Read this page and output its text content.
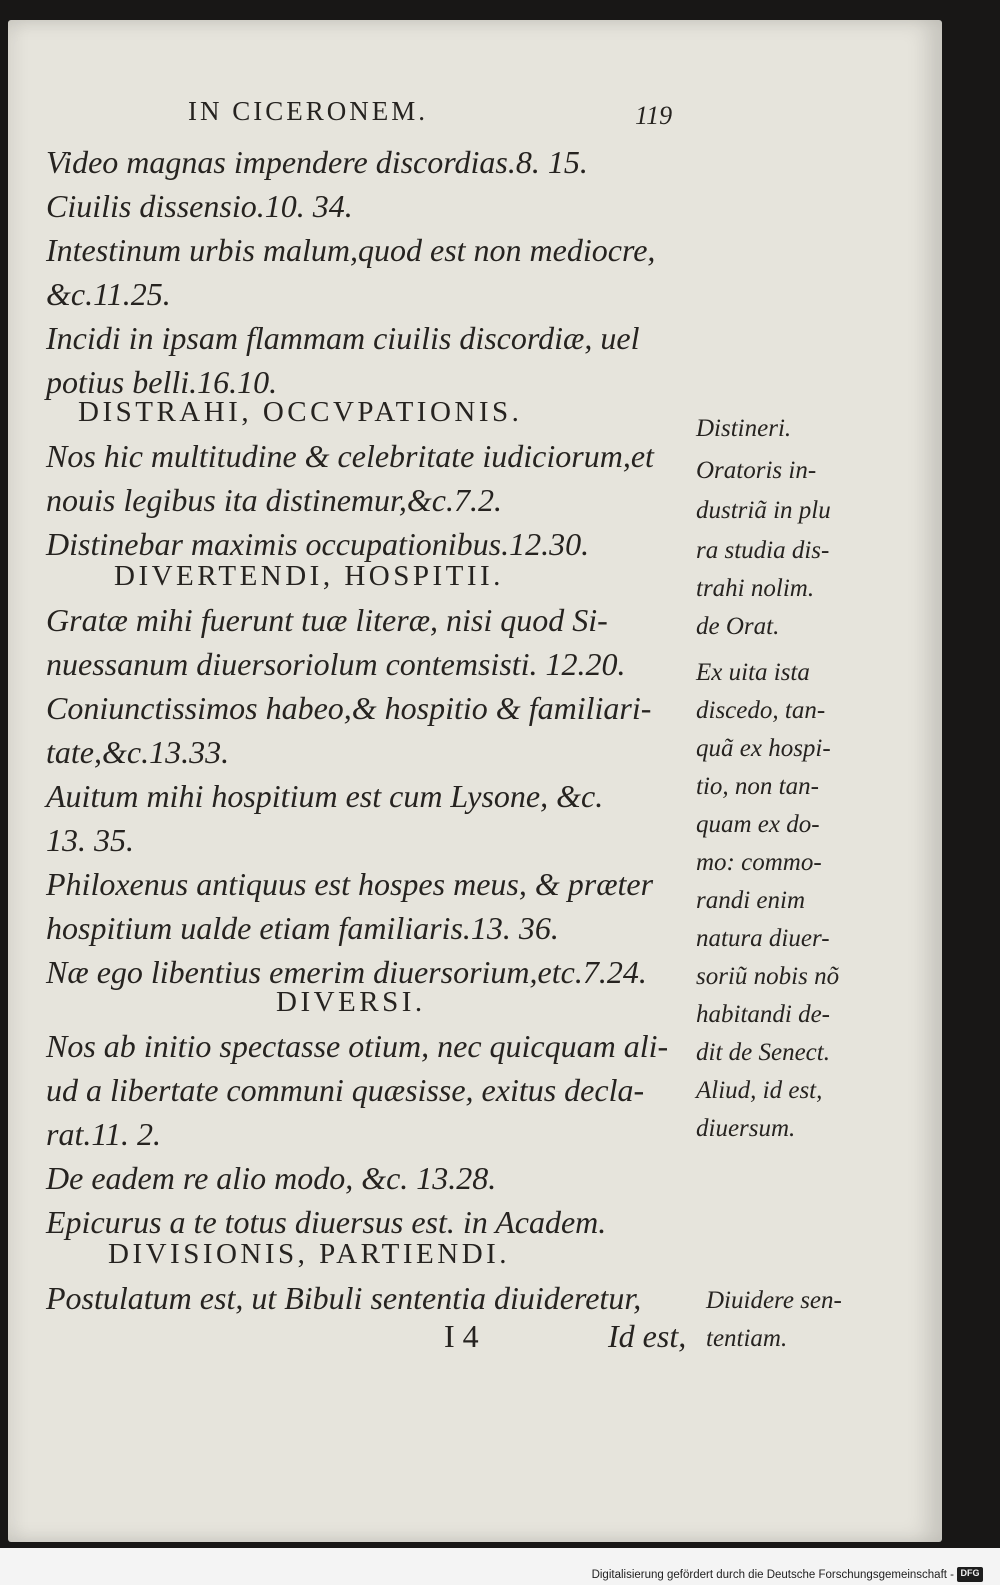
IN CICERONEM.	119
Video magnas impendere discordias.8. 15.
Ciuilis dissensio.10. 34.
Intestinum urbis malum,quod est non mediocre,
&c.11.25.
Incidi in ipsam flammam ciuilis discordiæ, uel
potius belli.16.10.
DISTRAHI, OCCVPATIONIS.
Nos hic multitudine & celebritate iudiciorum,et
nouis legibus ita distinemur,&c.7.2.
Distinebar maximis occupationibus.12.30.
DIVERTENDI, HOSPITII.
Gratæ mihi fuerunt tuæ literæ, nisi quod Si-
nuessanum diuersoriolum contemsisti. 12.20.
Coniunctissimos habeo,& hospitio & familiari-
tate,&c.13.33.
Auitum mihi hospitium est cum Lysone, &c.
13. 35.
Philoxenus antiquus est hospes meus, & præter
hospitium ualde etiam familiaris.13. 36.
Næ ego libentius emerim diuersorium,etc.7.24.
DIVERSI.
Nos ab initio spectasse otium, nec quicquam ali-
ud a libertate communi quæsisse, exitus decla-
rat.11. 2.
De eadem re alio modo, &c. 13.28.
Epicurus a te totus diuersus est. in Academ.
DIVISIONIS, PARTIENDI.
Postulatum est, ut Bibuli sententia diuideretur,
I 4	Id est,
Distineri.
Oratoris in-
dustriã in plu
ra studia dis-
trahi nolim.
de Orat.
Ex uita ista
discedo, tan-
quã ex hospi-
tio, non tan-
quam ex do-
mo: commo-
randi enim
natura diuer-
soriũ nobis nõ
habitandi de-
dit de Senect.
Aliud, id est,
diuersum.
Diuidere sen-
tentiam.
Digitalisierung gefördert durch die Deutsche Forschungsgemeinschaft - DFG
